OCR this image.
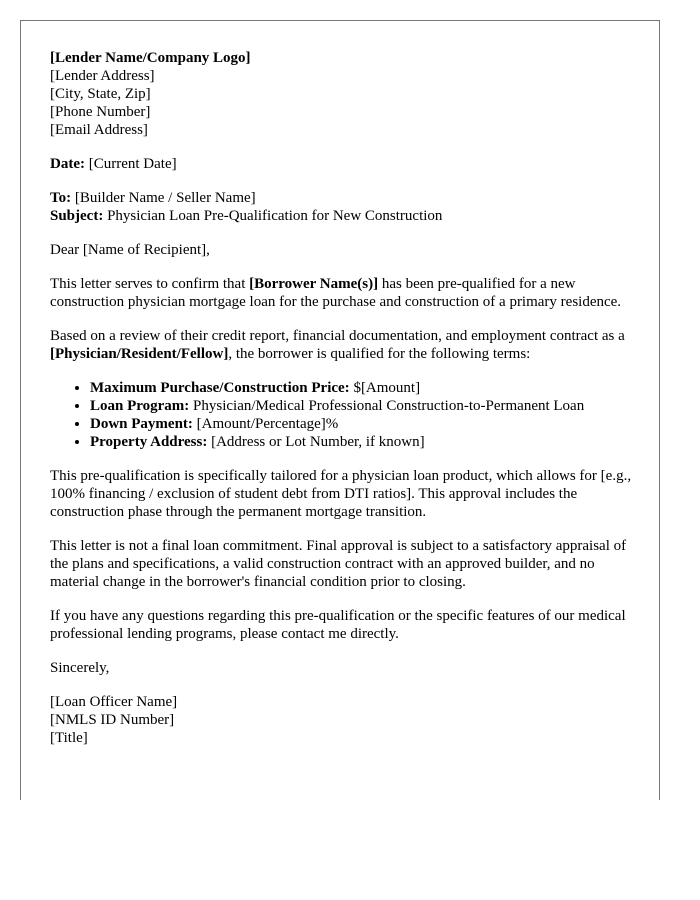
[Lender Name/Company Logo]
[Lender Address]
[City, State, Zip]
[Phone Number]
[Email Address]
Date: [Current Date]
To: [Builder Name / Seller Name]
Subject: Physician Loan Pre-Qualification for New Construction

Dear [Name of Recipient],

This letter serves to confirm that [Borrower Name(s)] has been pre-qualified for a new construction physician mortgage loan for the purchase and construction of a primary residence.

Based on a review of their credit report, financial documentation, and employment contract as a [Physician/Resident/Fellow], the borrower is qualified for the following terms:

• Maximum Purchase/Construction Price: $[Amount]
• Loan Program: Physician/Medical Professional Construction-to-Permanent Loan
• Down Payment: [Amount/Percentage]%
• Property Address: [Address or Lot Number, if known]

This pre-qualification is specifically tailored for a physician loan product, which allows for [e.g., 100% financing / exclusion of student debt from DTI ratios]. This approval includes the construction phase through the permanent mortgage transition.

This letter is not a final loan commitment. Final approval is subject to a satisfactory appraisal of the plans and specifications, a valid construction contract with an approved builder, and no material change in the borrower's financial condition prior to closing.

If you have any questions regarding this pre-qualification or the specific features of our medical professional lending programs, please contact me directly.

Sincerely,

[Loan Officer Name]
[NMLS ID Number]
[Title]
